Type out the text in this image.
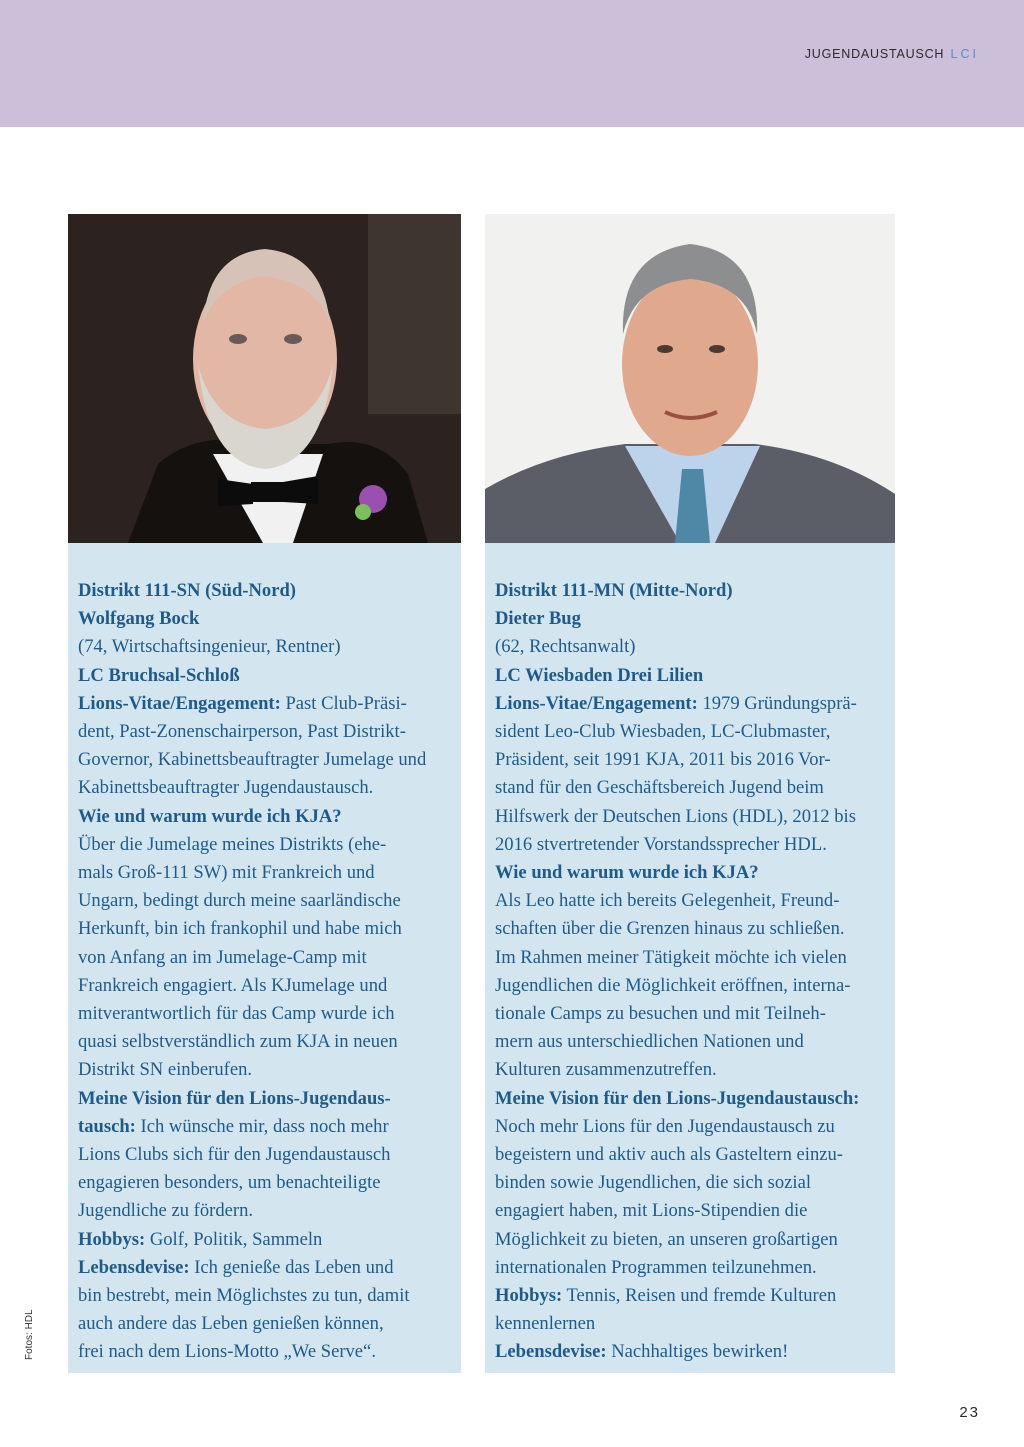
JUGENDAUSTAUSCH LCI

Distrikt 111-SN (Süd-Nord)

Wolfgang Bock

(74, Wirtschaftsingenieur, Rentner)

LC Bruchsal-Schloß

Lions-Vitae/Engagement: Past Club-Präsi-

dent, Past-Zonenschairperson, Past Distrikt-

Governor, Kabinettsbeauftragter Jumelage und

Kabinettsbeauftragter Jugendaustausch.

Wie und warum wurde ich KJA?

Über die Jumelage meines Distrikts (ehe-

mals Groß-111 SW) mit Frankreich und

Ungarn, bedingt durch meine saarländische

Herkunft, bin ich frankophil und habe mich

von Anfang an im Jumelage-Camp mit

Frankreich engagiert. Als KJumelage und

mitverantwortlich für das Camp wurde ich

quasi selbstverständlich zum KJA in neuen

Distrikt SN einberufen.

Meine Vision für den Lions-Jugendaus-

tausch: Ich wünsche mir, dass noch mehr

Lions Clubs sich für den Jugendaustausch

engagieren besonders, um benachteiligte

Jugendliche zu fördern.

Hobbys: Golf, Politik, Sammeln

Lebensdevise: Ich genieße das Leben und

bin bestrebt, mein Möglichstes zu tun, damit

auch andere das Leben genießen können,

frei nach dem Lions-Motto „We Serve“.

Distrikt 111-MN (Mitte-Nord)

Dieter Bug

(62, Rechtsanwalt)

LC Wiesbaden Drei Lilien

Lions-Vitae/Engagement: 1979 Gründungsprä-

sident Leo-Club Wiesbaden, LC-Clubmaster,

Präsident, seit 1991 KJA, 2011 bis 2016 Vor-

stand für den Geschäftsbereich Jugend beim

Hilfswerk der Deutschen Lions (HDL), 2012 bis

2016 stvertretender Vorstandssprecher HDL.

Wie und warum wurde ich KJA?

Als Leo hatte ich bereits Gelegenheit, Freund-

schaften über die Grenzen hinaus zu schließen.

Im Rahmen meiner Tätigkeit möchte ich vielen

Jugendlichen die Möglichkeit eröffnen, interna-

tionale Camps zu besuchen und mit Teilneh-

mern aus unterschiedlichen Nationen und

Kulturen zusammenzutreffen.

Meine Vision für den Lions-Jugendaustausch:

Noch mehr Lions für den Jugendaustausch zu

begeistern und aktiv auch als Gasteltern einzu-

binden sowie Jugendlichen, die sich sozial

engagiert haben, mit Lions-Stipendien die

Möglichkeit zu bieten, an unseren großartigen

internationalen Programmen teilzunehmen.

Hobbys: Tennis, Reisen und fremde Kulturen

kennenlernen

Lebensdevise: Nachhaltiges bewirken!

Fotos: HDL
23
